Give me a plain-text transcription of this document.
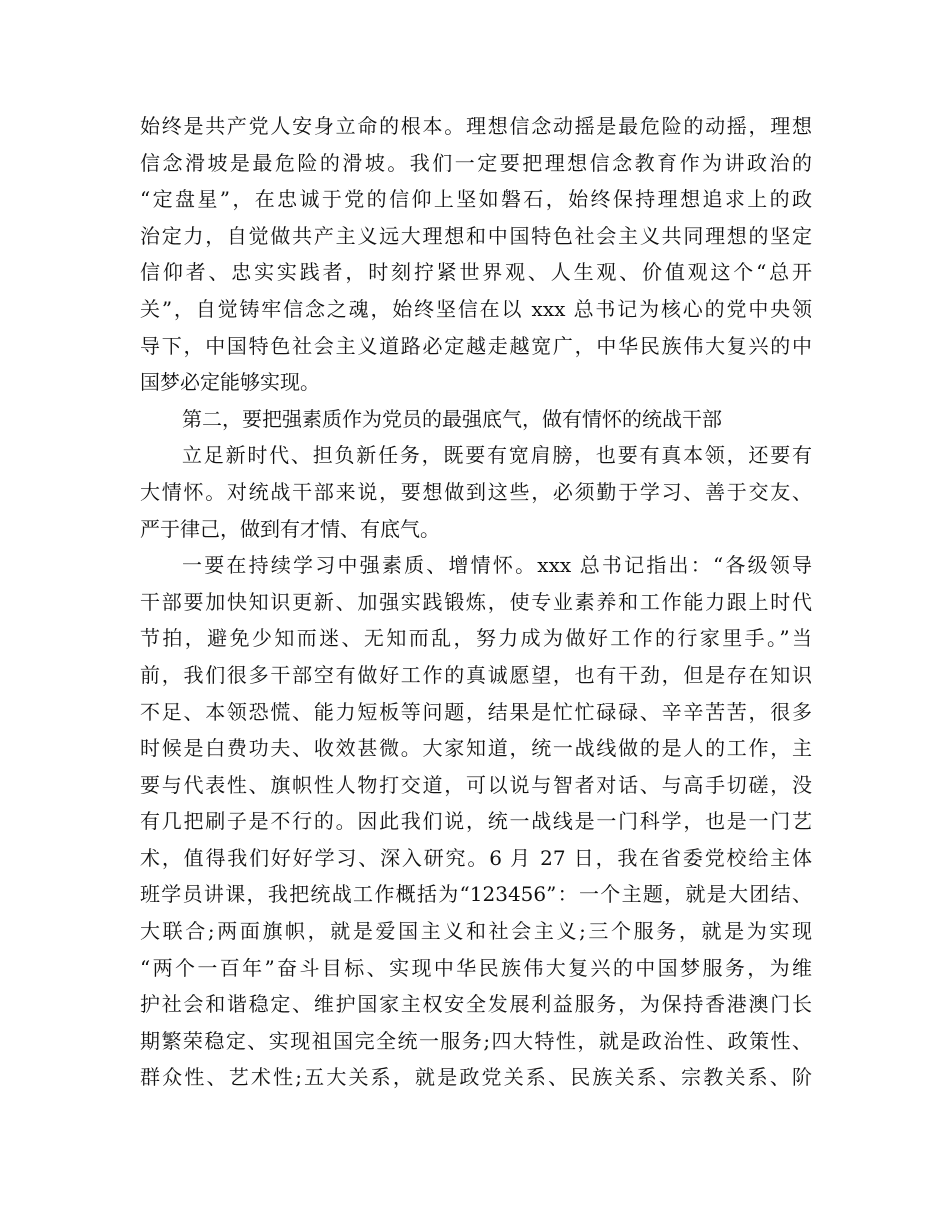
始终是共产党人安身立命的根本。理想信念动摇是最危险的动摇，理想
信念滑坡是最危险的滑坡。我们一定要把理想信念教育作为讲政治的
“定盘星”，在忠诚于党的信仰上坚如磐石，始终保持理想追求上的政
治定力，自觉做共产主义远大理想和中国特色社会主义共同理想的坚定
信仰者、忠实实践者，时刻拧紧世界观、人生观、价值观这个“总开
关”，自觉铸牢信念之魂，始终坚信在以 xxx 总书记为核心的党中央领
导下，中国特色社会主义道路必定越走越宽广，中华民族伟大复兴的中
国梦必定能够实现。
第二，要把强素质作为党员的最强底气，做有情怀的统战干部
立足新时代、担负新任务，既要有宽肩膀，也要有真本领，还要有
大情怀。对统战干部来说，要想做到这些，必须勤于学习、善于交友、
严于律己，做到有才情、有底气。
一要在持续学习中强素质、增情怀。xxx 总书记指出：“各级领导
干部要加快知识更新、加强实践锻炼，使专业素养和工作能力跟上时代
节拍，避免少知而迷、无知而乱，努力成为做好工作的行家里手。”当
前，我们很多干部空有做好工作的真诚愿望，也有干劲，但是存在知识
不足、本领恐慌、能力短板等问题，结果是忙忙碌碌、辛辛苦苦，很多
时候是白费功夫、收效甚微。大家知道，统一战线做的是人的工作，主
要与代表性、旗帜性人物打交道，可以说与智者对话、与高手切磋，没
有几把刷子是不行的。因此我们说，统一战线是一门科学，也是一门艺
术，值得我们好好学习、深入研究。6 月 27 日，我在省委党校给主体
班学员讲课，我把统战工作概括为“123456”：一个主题，就是大团结、
大联合;两面旗帜，就是爱国主义和社会主义;三个服务，就是为实现
“两个一百年”奋斗目标、实现中华民族伟大复兴的中国梦服务，为维
护社会和谐稳定、维护国家主权安全发展利益服务，为保持香港澳门长
期繁荣稳定、实现祖国完全统一服务;四大特性，就是政治性、政策性、
群众性、艺术性;五大关系，就是政党关系、民族关系、宗教关系、阶
